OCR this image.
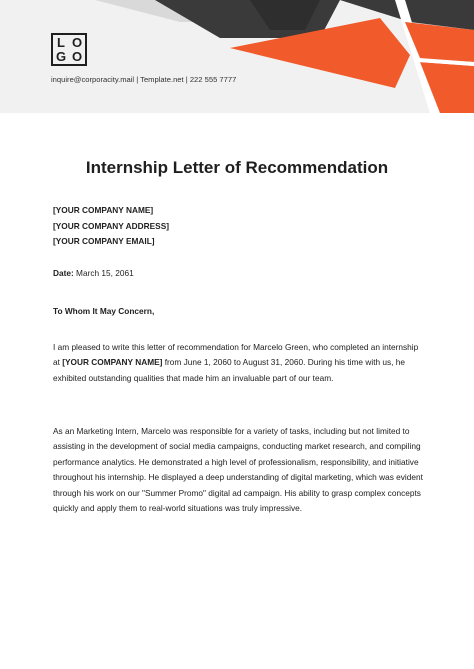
L O
G O
inquire@corporacity.mail | Template.net | 222 555 7777
Internship Letter of Recommendation
[YOUR COMPANY NAME]
[YOUR COMPANY ADDRESS]
[YOUR COMPANY EMAIL]
Date: March 15, 2061
To Whom It May Concern,

I am pleased to write this letter of recommendation for Marcelo Green, who completed an internship at [YOUR COMPANY NAME] from June 1, 2060 to August 31, 2060. During his time with us, he exhibited outstanding qualities that made him an invaluable part of our team.

As an Marketing Intern, Marcelo was responsible for a variety of tasks, including but not limited to assisting in the development of social media campaigns, conducting market research, and compiling performance analytics. He demonstrated a high level of professionalism, responsibility, and initiative throughout his internship. He displayed a deep understanding of digital marketing, which was evident through his work on our "Summer Promo" digital ad campaign. His ability to grasp complex concepts quickly and apply them to real-world situations was truly impressive.
